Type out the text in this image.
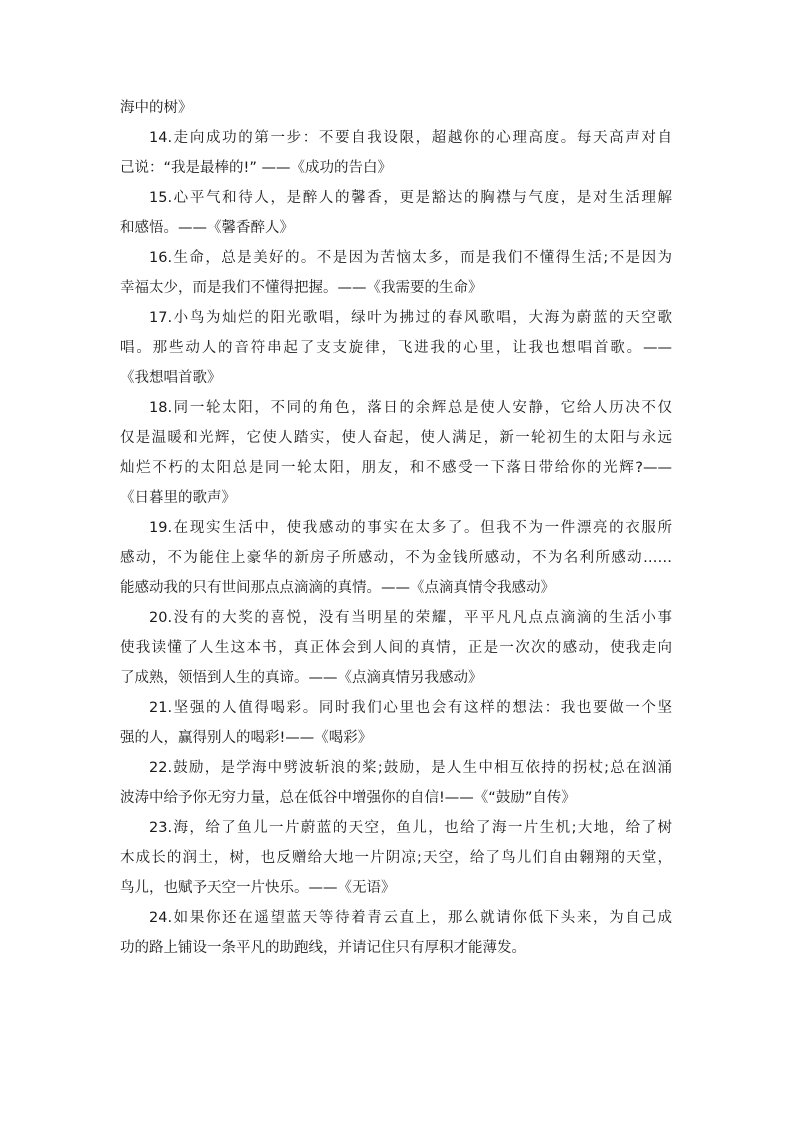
海中的树》
14.走向成功的第一步：不要自我设限，超越你的心理高度。每天高声对自
己说：“我是最棒的!” ——《成功的告白》
15.心平气和待人，是醉人的馨香，更是豁达的胸襟与气度，是对生活理解
和感悟。——《馨香醉人》
16.生命，总是美好的。不是因为苦恼太多，而是我们不懂得生活;不是因为
幸福太少，而是我们不懂得把握。——《我需要的生命》
17.小鸟为灿烂的阳光歌唱，绿叶为拂过的春风歌唱，大海为蔚蓝的天空歌
唱。那些动人的音符串起了支支旋律，飞进我的心里，让我也想唱首歌。——
《我想唱首歌》
18.同一轮太阳，不同的角色，落日的余辉总是使人安静，它给人历决不仅
仅是温暖和光辉，它使人踏实，使人奋起，使人满足，新一轮初生的太阳与永远
灿烂不朽的太阳总是同一轮太阳，朋友，和不感受一下落日带给你的光辉?——
《日暮里的歌声》
19.在现实生活中，使我感动的事实在太多了。但我不为一件漂亮的衣服所
感动，不为能住上豪华的新房子所感动，不为金钱所感动，不为名利所感动……
能感动我的只有世间那点点滴滴的真情。——《点滴真情令我感动》
20.没有的大奖的喜悦，没有当明星的荣耀，平平凡凡点点滴滴的生活小事
使我读懂了人生这本书，真正体会到人间的真情，正是一次次的感动，使我走向
了成熟，领悟到人生的真谛。——《点滴真情另我感动》
21.坚强的人值得喝彩。同时我们心里也会有这样的想法：我也要做一个坚
强的人，赢得别人的喝彩!——《喝彩》
22.鼓励，是学海中劈波斩浪的桨;鼓励，是人生中相互依持的拐杖;总在汹涌
波涛中给予你无穷力量，总在低谷中增强你的自信!——《“鼓励”自传》
23.海，给了鱼儿一片蔚蓝的天空，鱼儿，也给了海一片生机;大地，给了树
木成长的润土，树，也反赠给大地一片阴凉;天空，给了鸟儿们自由翱翔的天堂，
鸟儿，也赋予天空一片快乐。——《无语》
24.如果你还在遥望蓝天等待着青云直上，那么就请你低下头来，为自己成
功的路上铺设一条平凡的助跑线，并请记住只有厚积才能薄发。
